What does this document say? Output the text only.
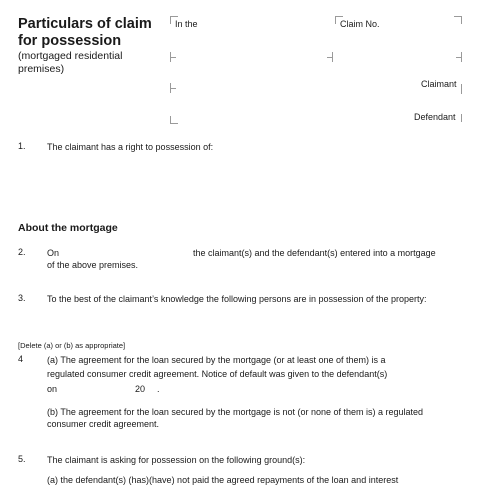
Particulars of claim
for possession
(mortgaged residential
premises)
In the	Claim No.
Claimant
Defendant
1. The claimant has a right to possession of:
About the mortgage
2. On	the claimant(s) and the defendant(s) entered into a mortgage
of the above premises.
3. To the best of the claimant’s knowledge the following persons are in possession of the property:
[Delete (a) or (b) as appropriate]
4	(a) The agreement for the loan secured by the mortgage (or at least one of them) is a
regulated consumer credit agreement. Notice of default was given to the defendant(s)
on	20	.
(b) The agreement for the loan secured by the mortgage is not (or none of them is) a regulated
consumer credit agreement.
5. The claimant is asking for possession on the following ground(s):
(a) the defendant(s) (has)(have) not paid the agreed repayments of the loan and interest
